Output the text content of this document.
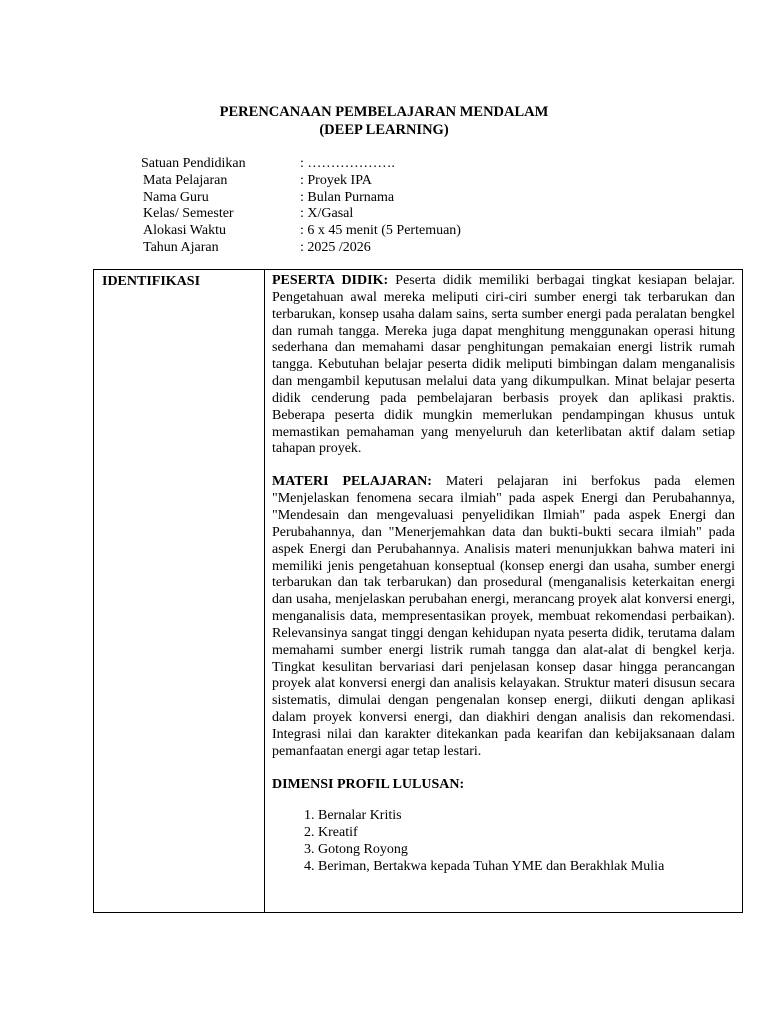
PERENCANAAN PEMBELAJARAN MENDALAM
(DEEP LEARNING)
Satuan Pendidikan	: ……………….
Mata Pelajaran	: Proyek IPA
Nama Guru	: Bulan Purnama
Kelas/ Semester	: X/Gasal
Alokasi Waktu	: 6 x 45 menit (5 Pertemuan)
Tahun Ajaran	: 2025 /2026
IDENTIFIKASI	PESERTA DIDIK: Peserta didik memiliki berbagai tingkat kesiapan belajar. Pengetahuan awal mereka meliputi ciri-ciri sumber energi tak terbarukan dan terbarukan, konsep usaha dalam sains, serta sumber energi pada peralatan bengkel dan rumah tangga. Mereka juga dapat menghitung menggunakan operasi hitung sederhana dan memahami dasar penghitungan pemakaian energi listrik rumah tangga. Kebutuhan belajar peserta didik meliputi bimbingan dalam menganalisis dan mengambil keputusan melalui data yang dikumpulkan. Minat belajar peserta didik cenderung pada pembelajaran berbasis proyek dan aplikasi praktis. Beberapa peserta didik mungkin memerlukan pendampingan khusus untuk memastikan pemahaman yang menyeluruh dan keterlibatan aktif dalam setiap tahapan proyek.

MATERI PELAJARAN: Materi pelajaran ini berfokus pada elemen "Menjelaskan fenomena secara ilmiah" pada aspek Energi dan Perubahannya, "Mendesain dan mengevaluasi penyelidikan Ilmiah" pada aspek Energi dan Perubahannya, dan "Menerjemahkan data dan bukti-bukti secara ilmiah" pada aspek Energi dan Perubahannya. Analisis materi menunjukkan bahwa materi ini memiliki jenis pengetahuan konseptual (konsep energi dan usaha, sumber energi terbarukan dan tak terbarukan) dan prosedural (menganalisis keterkaitan energi dan usaha, menjelaskan perubahan energi, merancang proyek alat konversi energi, menganalisis data, mempresentasikan proyek, membuat rekomendasi perbaikan). Relevansinya sangat tinggi dengan kehidupan nyata peserta didik, terutama dalam memahami sumber energi listrik rumah tangga dan alat-alat di bengkel kerja. Tingkat kesulitan bervariasi dari penjelasan konsep dasar hingga perancangan proyek alat konversi energi dan analisis kelayakan. Struktur materi disusun secara sistematis, dimulai dengan pengenalan konsep energi, diikuti dengan aplikasi dalam proyek konversi energi, dan diakhiri dengan analisis dan rekomendasi. Integrasi nilai dan karakter ditekankan pada kearifan dan kebijaksanaan dalam pemanfaatan energi agar tetap lestari.

DIMENSI PROFIL LULUSAN:

1. Bernalar Kritis
2. Kreatif
3. Gotong Royong
4. Beriman, Bertakwa kepada Tuhan YME dan Berakhlak Mulia
